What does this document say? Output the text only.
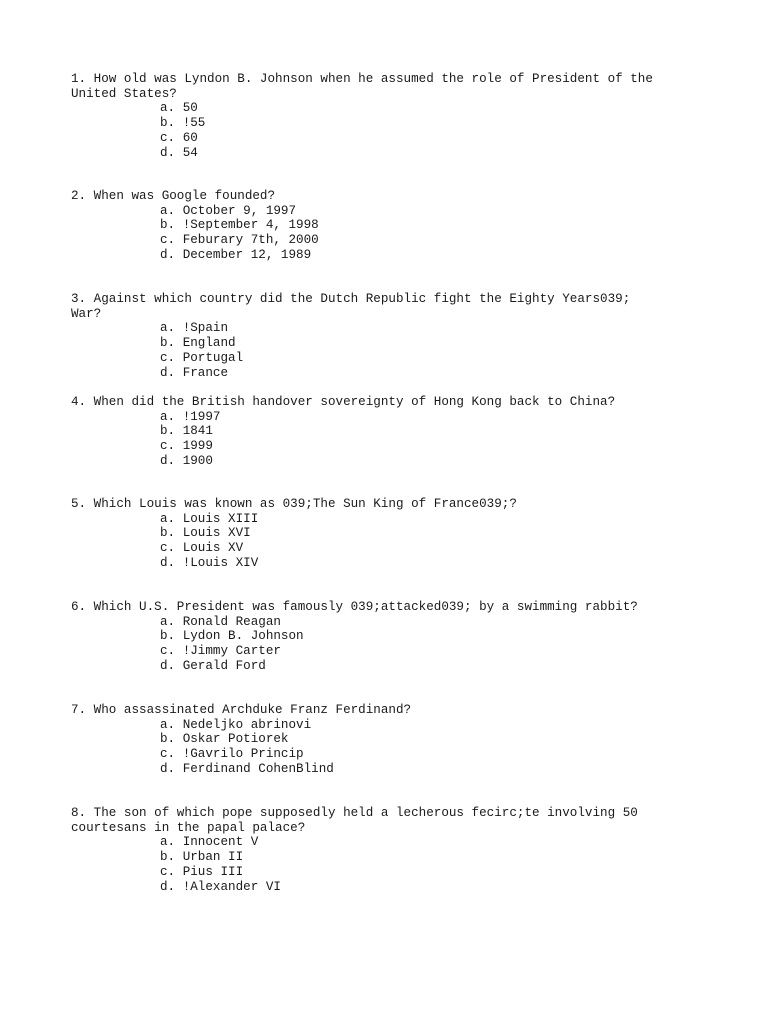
1. How old was Lyndon B. Johnson when he assumed the role of President of the United States?
a. 50
b. !55
c. 60
d. 54
2. When was Google founded?
a. October 9, 1997
b. !September 4, 1998
c. Feburary 7th, 2000
d. December 12, 1989
3. Against which country did the Dutch Republic fight the Eighty Years039; War?
a. !Spain
b. England
c. Portugal
d. France
4. When did the British handover sovereignty of Hong Kong back to China?
a. !1997
b. 1841
c. 1999
d. 1900
5. Which Louis was known as 039;The Sun King of France039;?
a. Louis XIII
b. Louis XVI
c. Louis XV
d. !Louis XIV
6. Which U.S. President was famously 039;attacked039; by a swimming rabbit?
a. Ronald Reagan
b. Lydon B. Johnson
c. !Jimmy Carter
d. Gerald Ford
7. Who assassinated Archduke Franz Ferdinand?
a. Nedeljko abrinovi
b. Oskar Potiorek
c. !Gavrilo Princip
d. Ferdinand CohenBlind
8. The son of which pope supposedly held a lecherous fecirc;te involving 50 courtesans in the papal palace?
a. Innocent V
b. Urban II
c. Pius III
d. !Alexander VI
